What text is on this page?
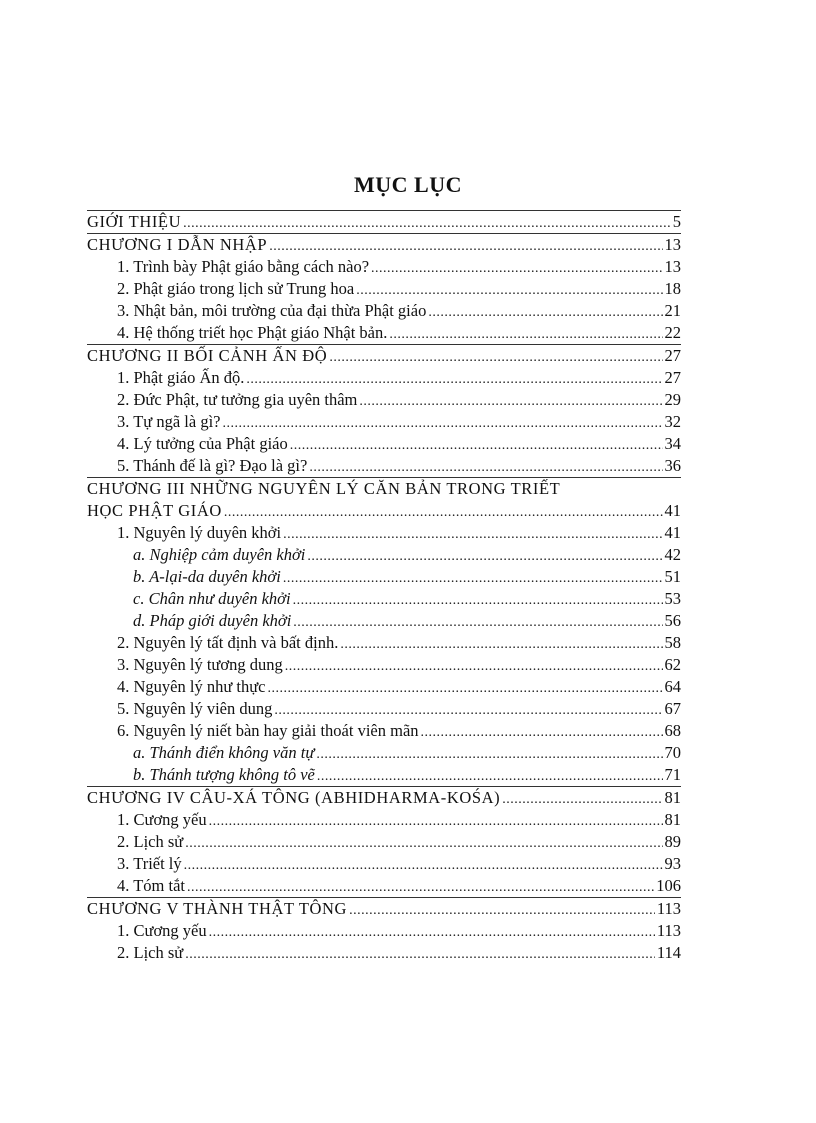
MỤC LỤC
GIỚI THIỆU .....	5
CHƯƠNG I DẪN NHẬP .....	13
1. Trình bày Phật giáo bằng cách nào? .....	13
2. Phật giáo trong lịch sử Trung hoa .....	18
3. Nhật bản, môi trường của đại thừa Phật giáo .....	21
4. Hệ thống triết học Phật giáo Nhật bản. .....	22
CHƯƠNG II BỐI CẢNH ẤN ĐỘ .....	27
1. Phật giáo Ấn độ. .....	27
2. Đức Phật, tư tưởng gia uyên thâm .....	29
3. Tự ngã là gì? .....	32
4. Lý tưởng của Phật giáo .....	34
5. Thánh đế là gì? Đạo là gì? .....	36
CHƯƠNG III NHỮNG NGUYÊN LÝ CĂN BẢN TRONG TRIẾT
HỌC PHẬT GIÁO .....	41
1. Nguyên lý duyên khởi .....	41
a. Nghiệp cảm duyên khởi .....	42
b. A-lại-da duyên khởi .....	51
c. Chân như duyên khởi .....	53
d. Pháp giới duyên khởi .....	56
2. Nguyên lý tất định và bất định. .....	58
3. Nguyên lý tương dung .....	62
4. Nguyên lý như thực .....	64
5. Nguyên lý viên dung .....	67
6. Nguyên lý niết bàn hay giải thoát viên mãn .....	68
a. Thánh điển không văn tự .....	70
b. Thánh tượng không tô vẽ .....	71
CHƯƠNG IV CÂU-XÁ TÔNG (ABHIDHARMA-KOŚA) .....	81
1. Cương yếu .....	81
2. Lịch sử .....	89
3. Triết lý .....	93
4. Tóm tắt .....	106
CHƯƠNG V THÀNH THẬT TÔNG .....	113
1. Cương yếu .....	113
2. Lịch sử .....	114
